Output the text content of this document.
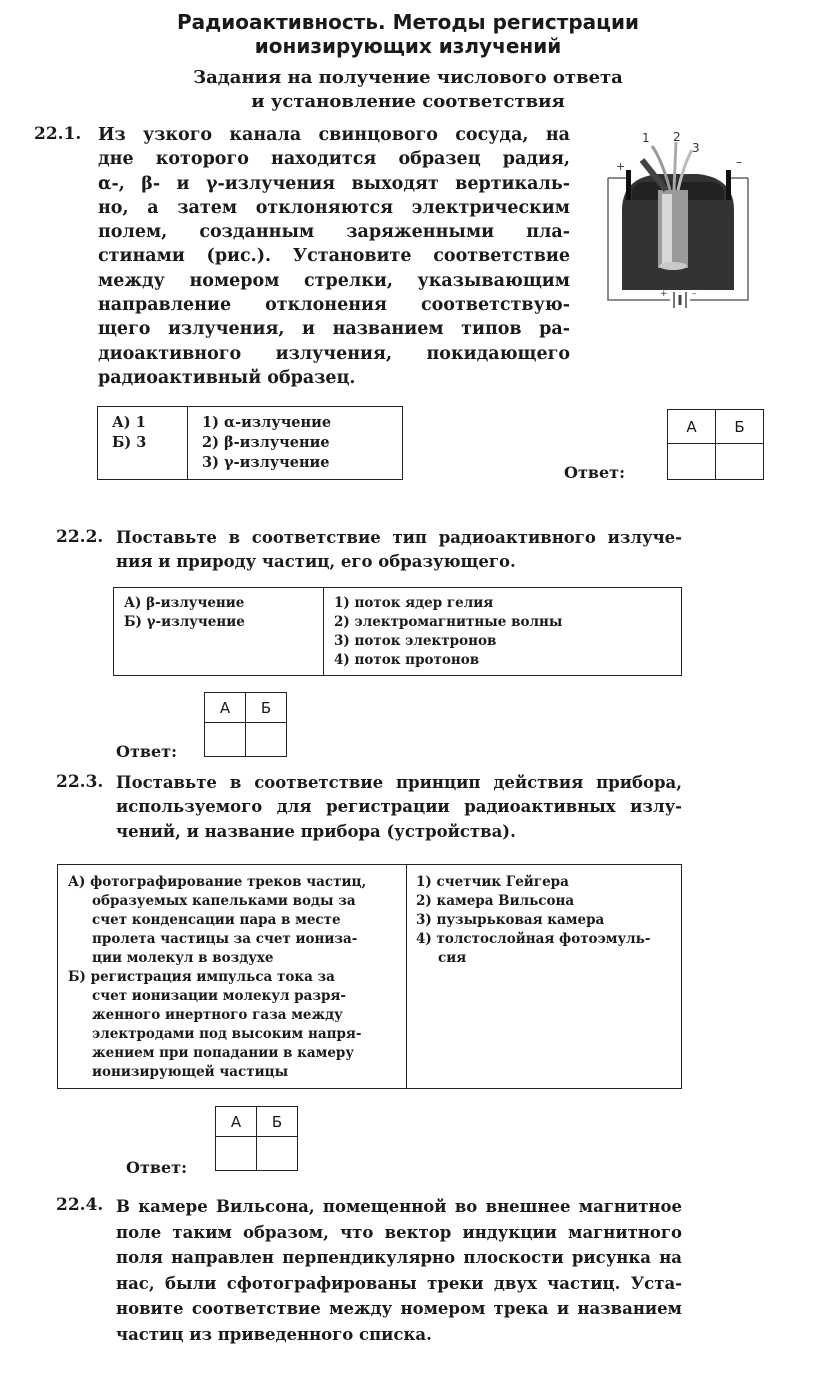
Радиоактивность. Методы регистрации
ионизирующих излучений
Задания на получение числового ответа
и установление соответствия
22.1. Из узкого канала свинцового сосуда, на
дне которого находится образец радия,
α-, β- и γ-излучения выходят вертикаль-
но, а затем отклоняются электрическим
полем, созданным заряженными пла-
стинами (рис.). Установите соответствие
между номером стрелки, указывающим
направление отклонения соответствую-
щего излучения, и названием типов ра-
диоактивного излучения, покидающего
радиоактивный образец.
1 2
3
+	–
+	–
А) 1
Б) 3
1) α-излучение
2) β-излучение
3) γ-излучение
Ответ:
А	Б

22.2. Поставьте в соответствие тип радиоактивного излуче-
ния и природу частиц, его образующего.
А) β-излучение
Б) γ-излучение
1) поток ядер гелия
2) электромагнитные волны
3) поток электронов
4) поток протонов
Ответ:
А	Б

22.3. Поставьте в соответствие принцип действия прибора,
используемого для регистрации радиоактивных излу-
чений, и название прибора (устройства).
А) фотографирование треков частиц,
образуемых капельками воды за
счет конденсации пара в месте
пролета частицы за счет иониза-
ции молекул в воздухе
Б) регистрация импульса тока за
счет ионизации молекул разря-
женного инертного газа между
электродами под высоким напря-
жением при попадании в камеру
ионизирующей частицы
1) счетчик Гейгера
2) камера Вильсона
3) пузырьковая камера
4) толстослойная фотоэмуль-
сия
Ответ:
А	Б

22.4. В камере Вильсона, помещенной во внешнее магнитное
поле таким образом, что вектор индукции магнитного
поля направлен перпендикулярно плоскости рисунка на
нас, были сфотографированы треки двух частиц. Уста-
новите соответствие между номером трека и названием
частиц из приведенного списка.
